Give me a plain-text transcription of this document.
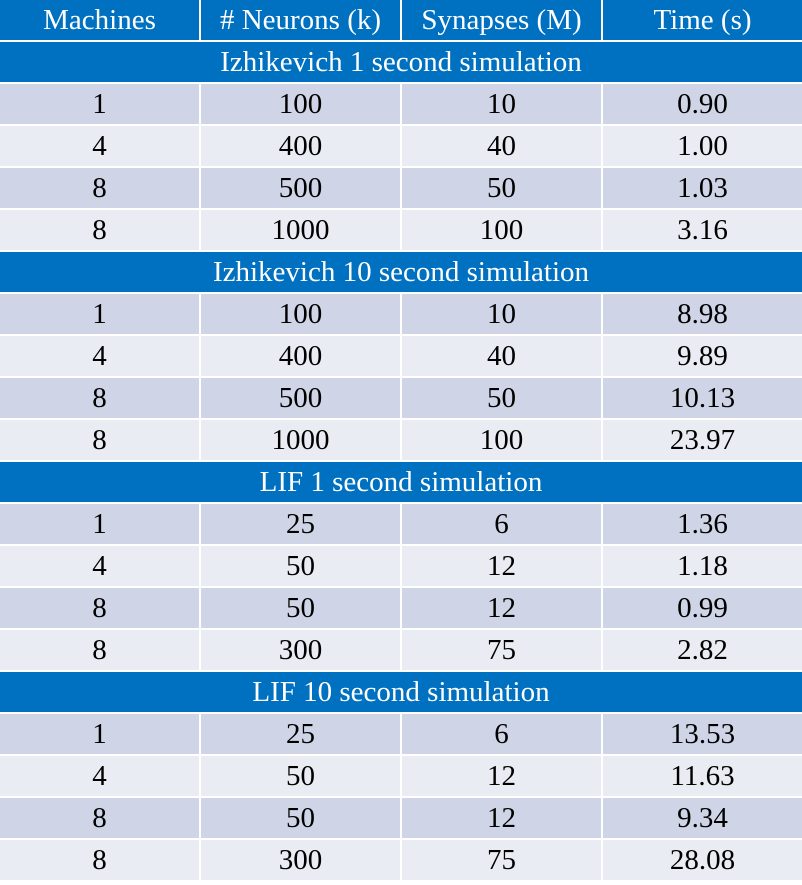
Machines	# Neurons (k)	Synapses (M)	Time (s)
Izhikevich 1 second simulation			
1	100	10	0.90
4	400	40	1.00
8	500	50	1.03
8	1000	100	3.16
Izhikevich 10 second simulation			
1	100	10	8.98
4	400	40	9.89
8	500	50	10.13
8	1000	100	23.97
LIF 1 second simulation			
1	25	6	1.36
4	50	12	1.18
8	50	12	0.99
8	300	75	2.82
LIF 10 second simulation			
1	25	6	13.53
4	50	12	11.63
8	50	12	9.34
8	300	75	28.08
